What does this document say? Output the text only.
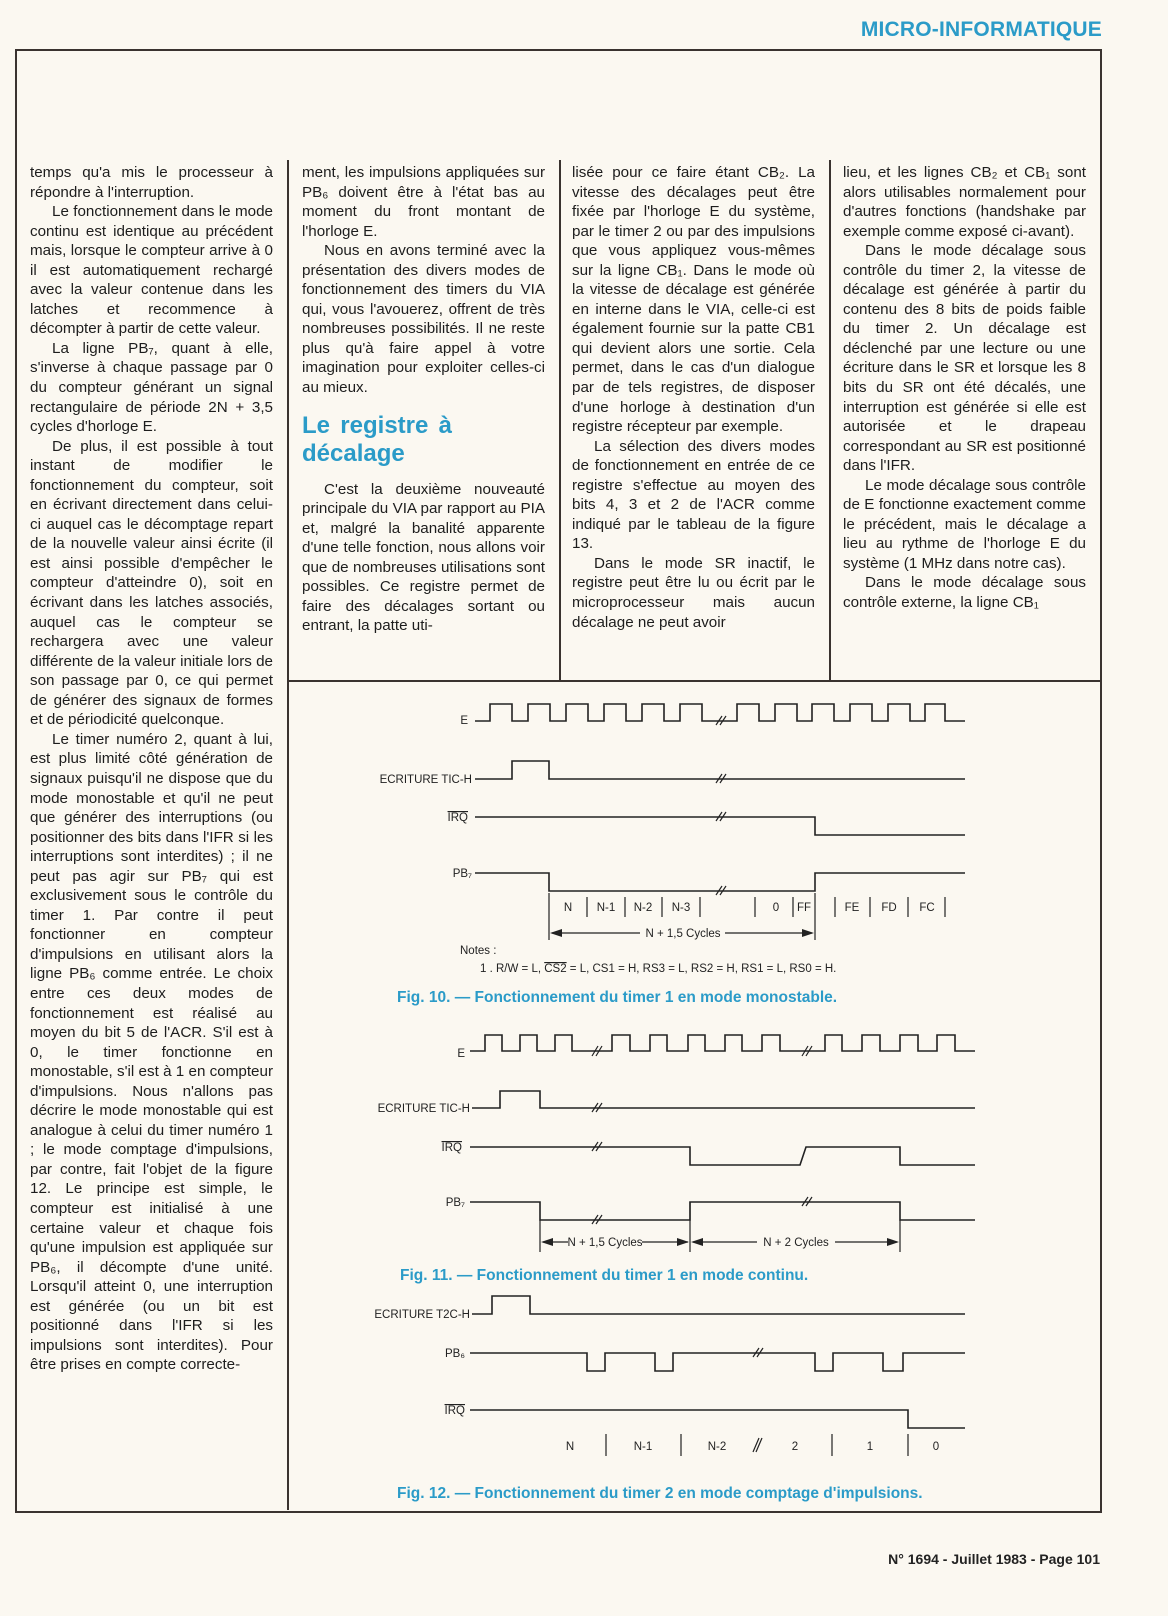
MICRO-INFORMATIQUE

temps qu'a mis le processeur à répondre à l'interruption.

Le fonctionnement dans le mode continu est identique au précédent mais, lorsque le compteur arrive à 0 il est automatiquement rechargé avec la valeur contenue dans les latches et recommence à décompter à partir de cette valeur.

La ligne PB₇, quant à elle, s'inverse à chaque passage par 0 du compteur générant un signal rectangulaire de période 2N + 3,5 cycles d'horloge E.

De plus, il est possible à tout instant de modifier le fonctionnement du compteur, soit en écrivant directement dans celui-ci auquel cas le décomptage repart de la nouvelle valeur ainsi écrite (il est ainsi possible d'empêcher le compteur d'atteindre 0), soit en écrivant dans les latches associés, auquel cas le compteur se rechargera avec une valeur différente de la valeur initiale lors de son passage par 0, ce qui permet de générer des signaux de formes et de périodicité quelconque.

Le timer numéro 2, quant à lui, est plus limité côté génération de signaux puisqu'il ne dispose que du mode monostable et qu'il ne peut que générer des interruptions (ou positionner des bits dans l'IFR si les interruptions sont interdites) ; il ne peut pas agir sur PB₇ qui est exclusivement sous le contrôle du timer 1. Par contre il peut fonctionner en compteur d'impulsions en utilisant alors la ligne PB₆ comme entrée. Le choix entre ces deux modes de fonctionnement est réalisé au moyen du bit 5 de l'ACR. S'il est à 0, le timer fonctionne en monostable, s'il est à 1 en compteur d'impulsions. Nous n'allons pas décrire le mode monostable qui est analogue à celui du timer numéro 1 ; le mode comptage d'impulsions, par contre, fait l'objet de la figure 12. Le principe est simple, le compteur est initialisé à une certaine valeur et chaque fois qu'une impulsion est appliquée sur PB₆, il décompte d'une unité. Lorsqu'il atteint 0, une interruption est générée (ou un bit est positionné dans l'IFR si les impulsions sont interdites). Pour être prises en compte correcte-

ment, les impulsions appliquées sur PB₆ doivent être à l'état bas au moment du front montant de l'horloge E.

Nous en avons terminé avec la présentation des divers modes de fonctionnement des timers du VIA qui, vous l'avouerez, offrent de très nombreuses possibilités. Il ne reste plus qu'à faire appel à votre imagination pour exploiter celles-ci au mieux.

Le registre à décalage

C'est la deuxième nouveauté principale du VIA par rapport au PIA et, malgré la banalité apparente d'une telle fonction, nous allons voir que de nombreuses utilisations sont possibles. Ce registre permet de faire des décalages sortant ou entrant, la patte uti-

lisée pour ce faire étant CB₂. La vitesse des décalages peut être fixée par l'horloge E du système, par le timer 2 ou par des impulsions que vous appliquez vous-mêmes sur la ligne CB₁. Dans le mode où la vitesse de décalage est générée en interne dans le VIA, celle-ci est également fournie sur la patte CB1 qui devient alors une sortie. Cela permet, dans le cas d'un dialogue par de tels registres, de disposer d'une horloge à destination d'un registre récepteur par exemple.

La sélection des divers modes de fonctionnement en entrée de ce registre s'effectue au moyen des bits 4, 3 et 2 de l'ACR comme indiqué par le tableau de la figure 13.

Dans le mode SR inactif, le registre peut être lu ou écrit par le microprocesseur mais aucun décalage ne peut avoir

lieu, et les lignes CB₂ et CB₁ sont alors utilisables normalement pour d'autres fonctions (handshake par exemple comme exposé ci-avant).

Dans le mode décalage sous contrôle du timer 2, la vitesse de décalage est générée à partir du contenu des 8 bits de poids faible du timer 2. Un décalage est déclenché par une lecture ou une écriture dans le SR et lorsque les 8 bits du SR ont été décalés, une interruption est générée si elle est autorisée et le drapeau correspondant au SR est positionné dans l'IFR.

Le mode décalage sous contrôle de E fonctionne exactement comme le précédent, mais le décalage a lieu au rythme de l'horloge E du système (1 MHz dans notre cas).

Dans le mode décalage sous contrôle externe, la ligne CB₁

E
ECRITURE TIC-H
IRQ
PB₇
N N-1 N-2 N-3	0 FF	FE FD FC
N + 1,5 Cycles
Notes :
1 . R/W = L, CS2 = L, CS1 = H, RS3 = L, RS2 = H, RS1 = L, RS0 = H.
Fig. 10. — Fonctionnement du timer 1 en mode monostable.
E
ECRITURE TIC-H
IRQ
PB₇
N + 1,5 Cycles	N + 2 Cycles
Fig. 11. — Fonctionnement du timer 1 en mode continu.
ECRITURE T2C-H
PB₆
IRQ
N	N-1	N-2	2	1	0
Fig. 12. — Fonctionnement du timer 2 en mode comptage d'impulsions.
N° 1694 - Juillet 1983 - Page 101
